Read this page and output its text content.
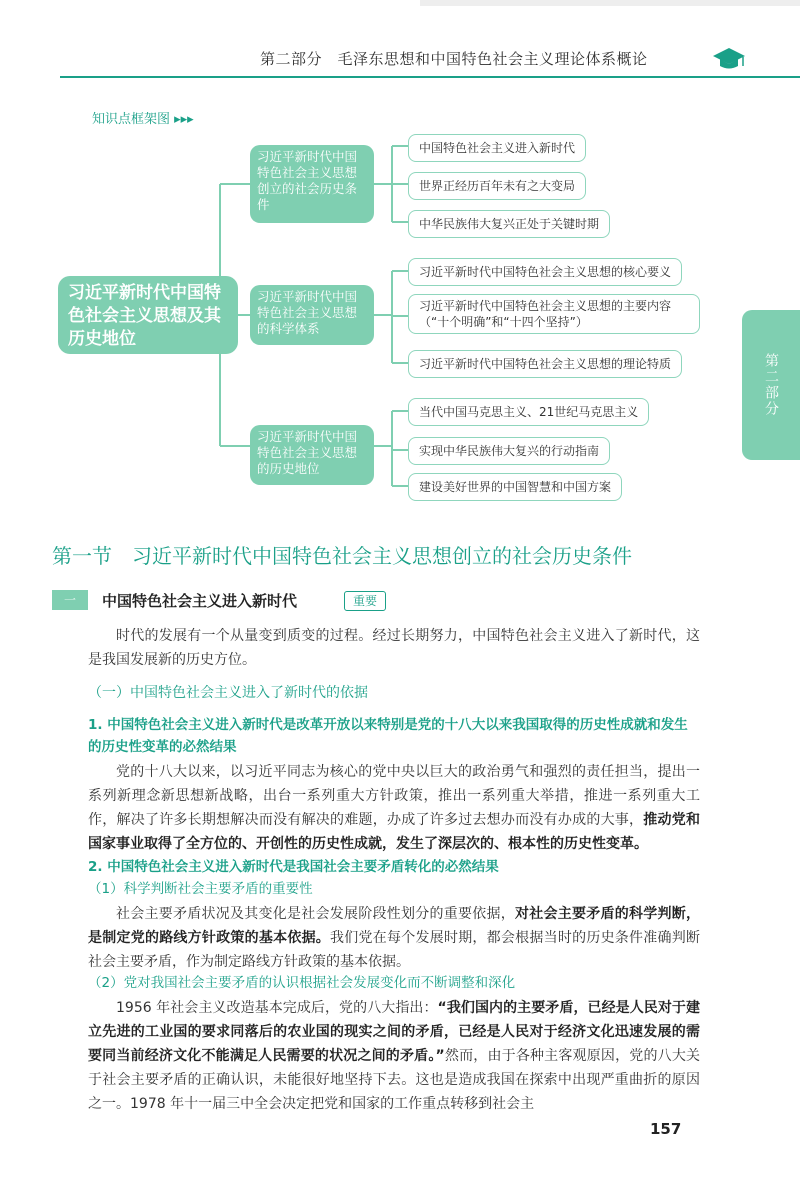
第二部分　毛泽东思想和中国特色社会主义理论体系概论
第二部分
知识点框架图 ▸▸▸
习近平新时代中国特色社会主义思想及其历史地位
习近平新时代中国特色社会主义思想创立的社会历史条件
习近平新时代中国特色社会主义思想的科学体系
习近平新时代中国特色社会主义思想的历史地位
中国特色社会主义进入新时代
世界正经历百年未有之大变局
中华民族伟大复兴正处于关键时期
习近平新时代中国特色社会主义思想的核心要义
习近平新时代中国特色社会主义思想的主要内容
（“十个明确”和“十四个坚持”）
习近平新时代中国特色社会主义思想的理论特质
当代中国马克思主义、21世纪马克思主义
实现中华民族伟大复兴的行动指南
建设美好世界的中国智慧和中国方案
第一节　习近平新时代中国特色社会主义思想创立的社会历史条件
一	中国特色社会主义进入新时代	重要
时代的发展有一个从量变到质变的过程。经过长期努力，中国特色社会主义进入了新时代，这是我国发展新的历史方位。
（一）中国特色社会主义进入了新时代的依据
1. 中国特色社会主义进入新时代是改革开放以来特别是党的十八大以来我国取得的历史性成就和发生的历史性变革的必然结果
党的十八大以来，以习近平同志为核心的党中央以巨大的政治勇气和强烈的责任担当，提出一系列新理念新思想新战略，出台一系列重大方针政策，推出一系列重大举措，推进一系列重大工作，解决了许多长期想解决而没有解决的难题，办成了许多过去想办而没有办成的大事，推动党和国家事业取得了全方位的、开创性的历史性成就，发生了深层次的、根本性的历史性变革。
2. 中国特色社会主义进入新时代是我国社会主要矛盾转化的必然结果
（1）科学判断社会主要矛盾的重要性
社会主要矛盾状况及其变化是社会发展阶段性划分的重要依据，对社会主要矛盾的科学判断，是制定党的路线方针政策的基本依据。我们党在每个发展时期，都会根据当时的历史条件准确判断社会主要矛盾，作为制定路线方针政策的基本依据。
（2）党对我国社会主要矛盾的认识根据社会发展变化而不断调整和深化
1956 年社会主义改造基本完成后，党的八大指出：“我们国内的主要矛盾，已经是人民对于建立先进的工业国的要求同落后的农业国的现实之间的矛盾，已经是人民对于经济文化迅速发展的需要同当前经济文化不能满足人民需要的状况之间的矛盾。”然而，由于各种主客观原因，党的八大关于社会主要矛盾的正确认识，未能很好地坚持下去。这也是造成我国在探索中出现严重曲折的原因之一。1978 年十一届三中全会决定把党和国家的工作重点转移到社会主
157
